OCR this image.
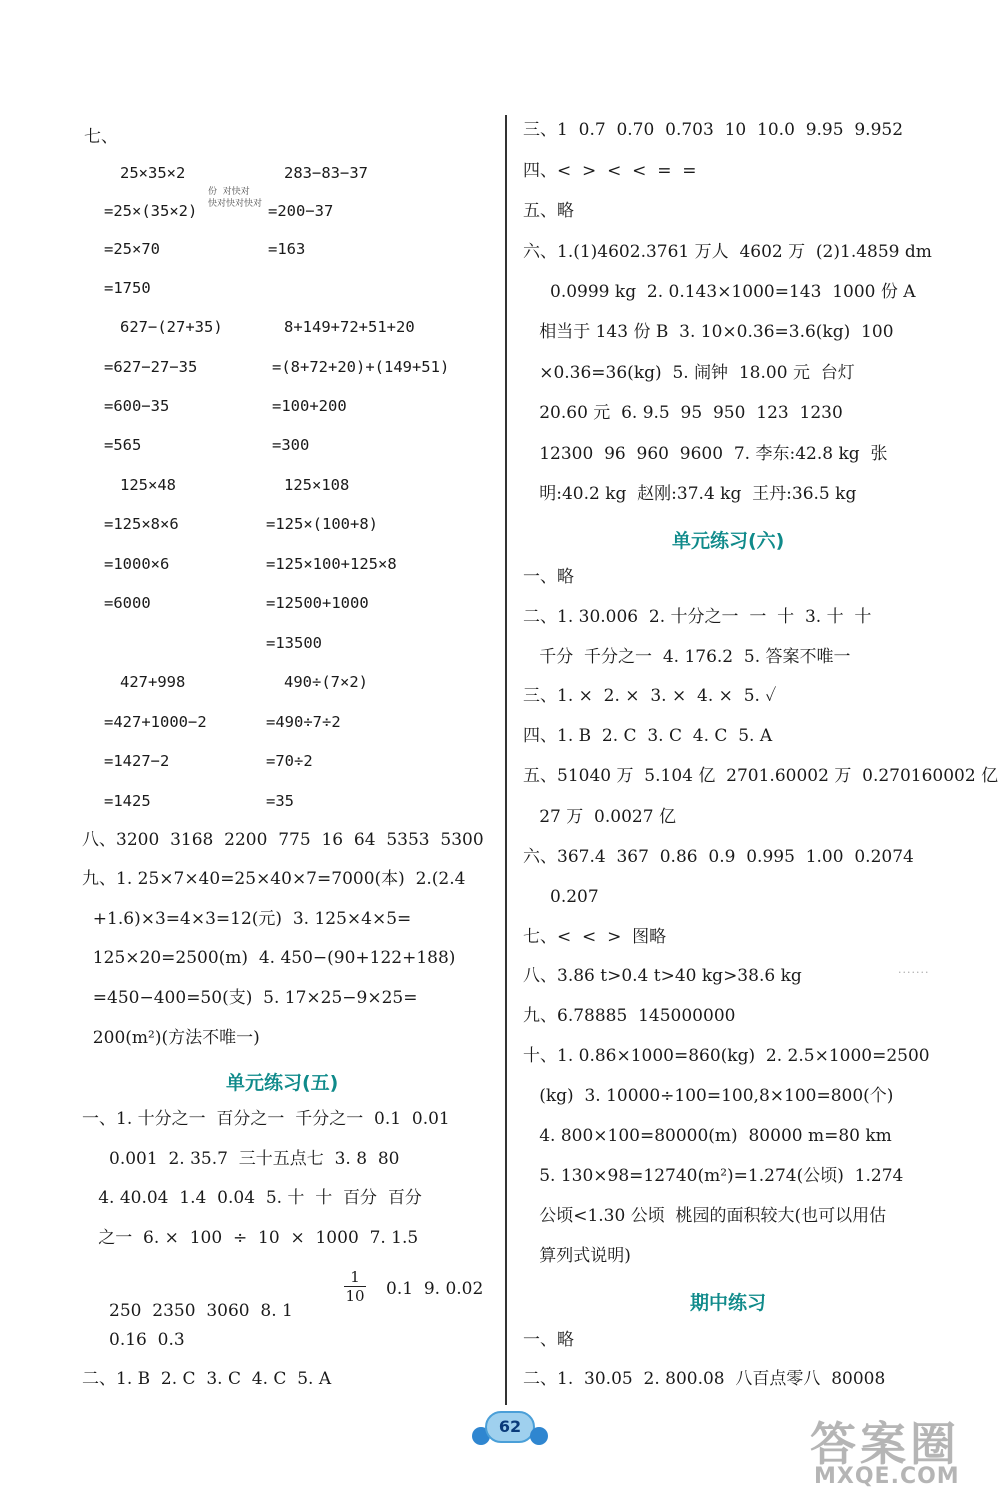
七、
25×35×2	283−83−37
=25×(35×2)	=200−37
=25×70	=163
=1750
627−(27+35)	8+149+72+51+20
=627−27−35	=(8+72+20)+(149+51)
=600−35	=100+200
=565	=300
125×48	125×108
=125×8×6	=125×(100+8)
=1000×6	=125×100+125×8
=6000	=12500+1000
=13500
427+998	490÷(7×2)
=427+1000−2	=490÷7÷2
=1427−2	=70÷2
=1425	=35
份  对快对
快对快对快对
八、3200  3168  2200  775  16  64  5353  5300
九、1. 25×7×40=25×40×7=7000(本)  2.(2.4
+1.6)×3=4×3=12(元)  3. 125×4×5=
125×20=2500(m)  4. 450−(90+122+188)
=450−400=50(支)  5. 17×25−9×25=
200(m²)(方法不唯一)
单元练习(五)
一、1. 十分之一  百分之一  千分之一  0.1  0.01
0.001  2. 35.7  三十五点七  3. 8  80
4. 40.04  1.4  0.04  5. 十  十  百分  百分
之一  6. ×  100  ÷  10  ×  1000  7. 1.5

250  2350  3060  8. 1

$\frac{1}{10} 0.1$  9. 0.02
0.16  0.3
二、1. B  2. C  3. C  4. C  5. A
三、1  0.7  0.70  0.703  10  10.0  9.95  9.952
四、<  >  <  <  =  =
五、略
六、1.(1)4602.3761 万人  4602 万  (2)1.4859 dm
0.0999 kg  2. 0.143×1000=143  1000 份 A
相当于 143 份 B  3. 10×0.36=3.6(kg)  100
×0.36=36(kg)  5. 闹钟  18.00 元  台灯
20.60 元  6. 9.5  95  950  123  1230
12300  96  960  9600  7. 李东:42.8 kg  张
明:40.2 kg  赵刚:37.4 kg  王丹:36.5 kg
单元练习(六)
一、略
二、1. 30.006  2. 十分之一  一  十  3. 十  十
千分  千分之一  4. 176.2  5. 答案不唯一
三、1. ×  2. ×  3. ×  4. ×  5. ✓
四、1. B  2. C  3. C  4. C  5. A
五、51040 万  5.104 亿  2701.60002 万  0.270160002 亿
27 万  0.0027 亿
六、367.4  367  0.86  0.9  0.995  1.00  0.2074
0.207
七、<  <  >  图略
八、3.86 t>0.4 t>40 kg>38.6 kg
九、6.78885  145000000
十、1. 0.86×1000=860(kg)  2. 2.5×1000=2500
(kg)  3. 10000÷100=100,8×100=800(个)
4. 800×100=80000(m)  80000 m=80 km
5. 130×98=12740(m²)=1.274(公顷)  1.274
公顷<1.30 公顷  桃园的面积较大(也可以用估
算列式说明)
·······
期中练习
一、略
二、1.  30.05  2. 800.08  八百点零八  80008
62	答案圈
MXQE.COM
